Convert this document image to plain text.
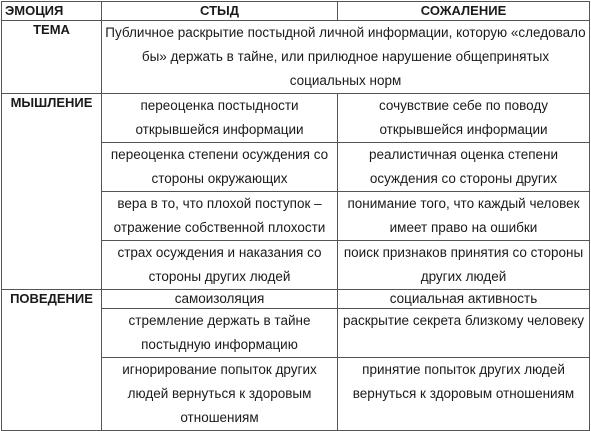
ЭМОЦИЯ	СТЫД	СОЖАЛЕНИЕ
ТЕМА	Публичное раскрытие постыдной личной информации, которую «следовало бы» держать в тайне, или прилюдное нарушение общепринятых социальных норм	
МЫШЛЕНИЕ	переоценка постыдности открывшейся информации	сочувствие себе по поводу открывшейся информации
	переоценка степени осуждения со стороны окружающих	реалистичная оценка степени осуждения со стороны других
	вера в то, что плохой поступок – отражение собственной плохости	понимание того, что каждый человек имеет право на ошибки
	страх осуждения и наказания со стороны других людей	поиск признаков принятия со стороны других людей
ПОВЕДЕНИЕ	самоизоляция	социальная активность
	стремление держать в тайне постыдную информацию	раскрытие секрета близкому человеку
	игнорирование попыток других людей вернуться к здоровым отношениям	принятие попыток других людей вернуться к здоровым отношениям
